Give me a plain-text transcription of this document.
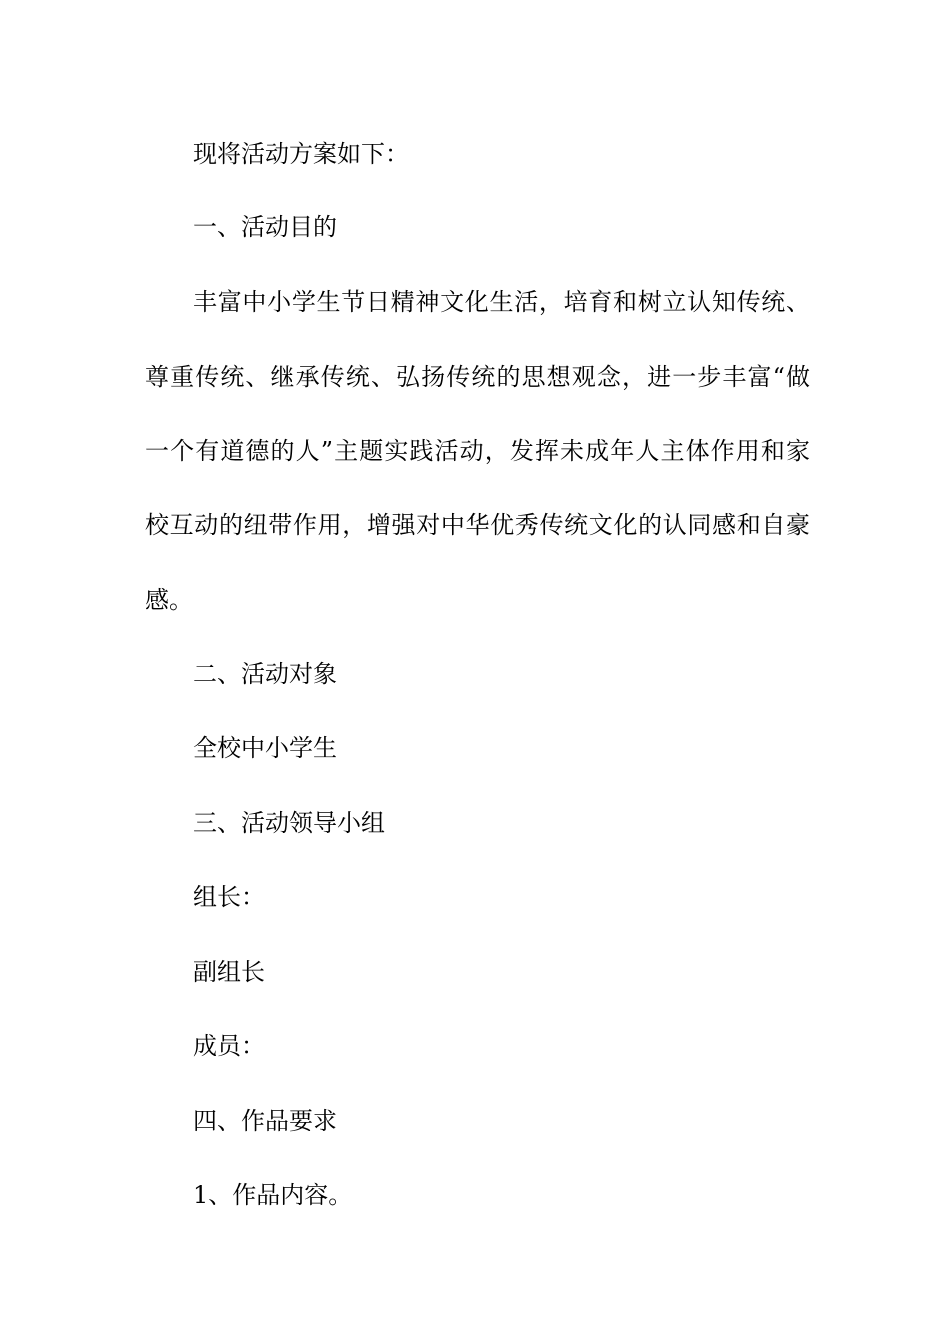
现将活动方案如下：
一、活动目的
丰富中小学生节日精神文化生活，培育和树立认知传统、
尊重传统、继承传统、弘扬传统的思想观念，进一步丰富“做
一个有道德的人”主题实践活动，发挥未成年人主体作用和家
校互动的纽带作用，增强对中华优秀传统文化的认同感和自豪
感。
二、活动对象
全校中小学生
三、活动领导小组
组长：
副组长
成员：
四、作品要求
1、作品内容。
